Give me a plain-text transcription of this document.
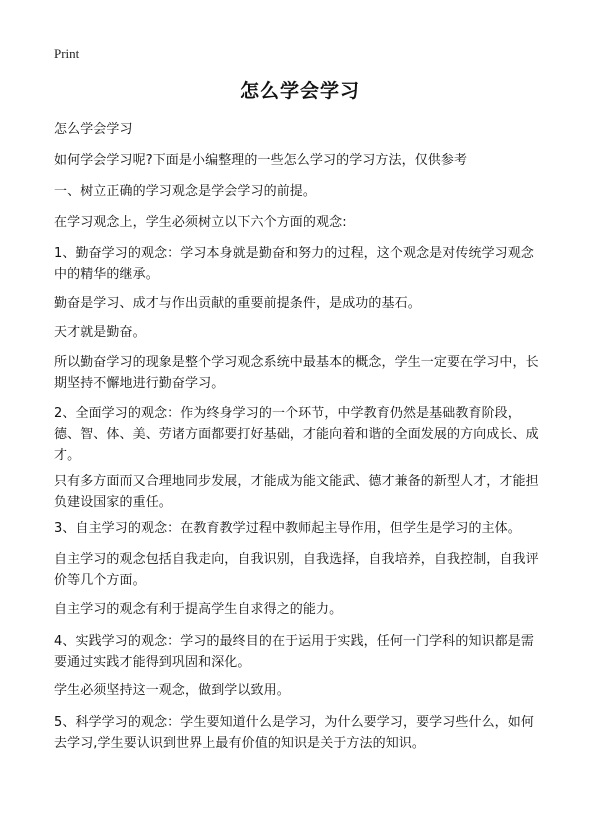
Print
怎么学会学习

怎么学会学习

如何学会学习呢?下面是小编整理的一些怎么学习的学习方法，仅供参考

一、树立正确的学习观念是学会学习的前提。

在学习观念上，学生必须树立以下六个方面的观念:

1、勤奋学习的观念：学习本身就是勤奋和努力的过程，这个观念是对传统学习观念中的精华的继承。

勤奋是学习、成才与作出贡献的重要前提条件，是成功的基石。

天才就是勤奋。

所以勤奋学习的现象是整个学习观念系统中最基本的概念，学生一定要在学习中，长期坚持不懈地进行勤奋学习。

2、全面学习的观念：作为终身学习的一个环节，中学教育仍然是基础教育阶段，德、智、体、美、劳诸方面都要打好基础，才能向着和谐的全面发展的方向成长、成才。

只有多方面而又合理地同步发展，才能成为能文能武、德才兼备的新型人才，才能担负建设国家的重任。

3、自主学习的观念：在教育教学过程中教师起主导作用，但学生是学习的主体。

自主学习的观念包括自我走向，自我识别，自我选择，自我培养，自我控制，自我评价等几个方面。

自主学习的观念有利于提高学生自求得之的能力。

4、实践学习的观念：学习的最终目的在于运用于实践，任何一门学科的知识都是需要通过实践才能得到巩固和深化。

学生必须坚持这一观念，做到学以致用。

5、科学学习的观念：学生要知道什么是学习，为什么要学习，要学习些什么，如何去学习,学生要认识到世界上最有价值的知识是关于方法的知识。
